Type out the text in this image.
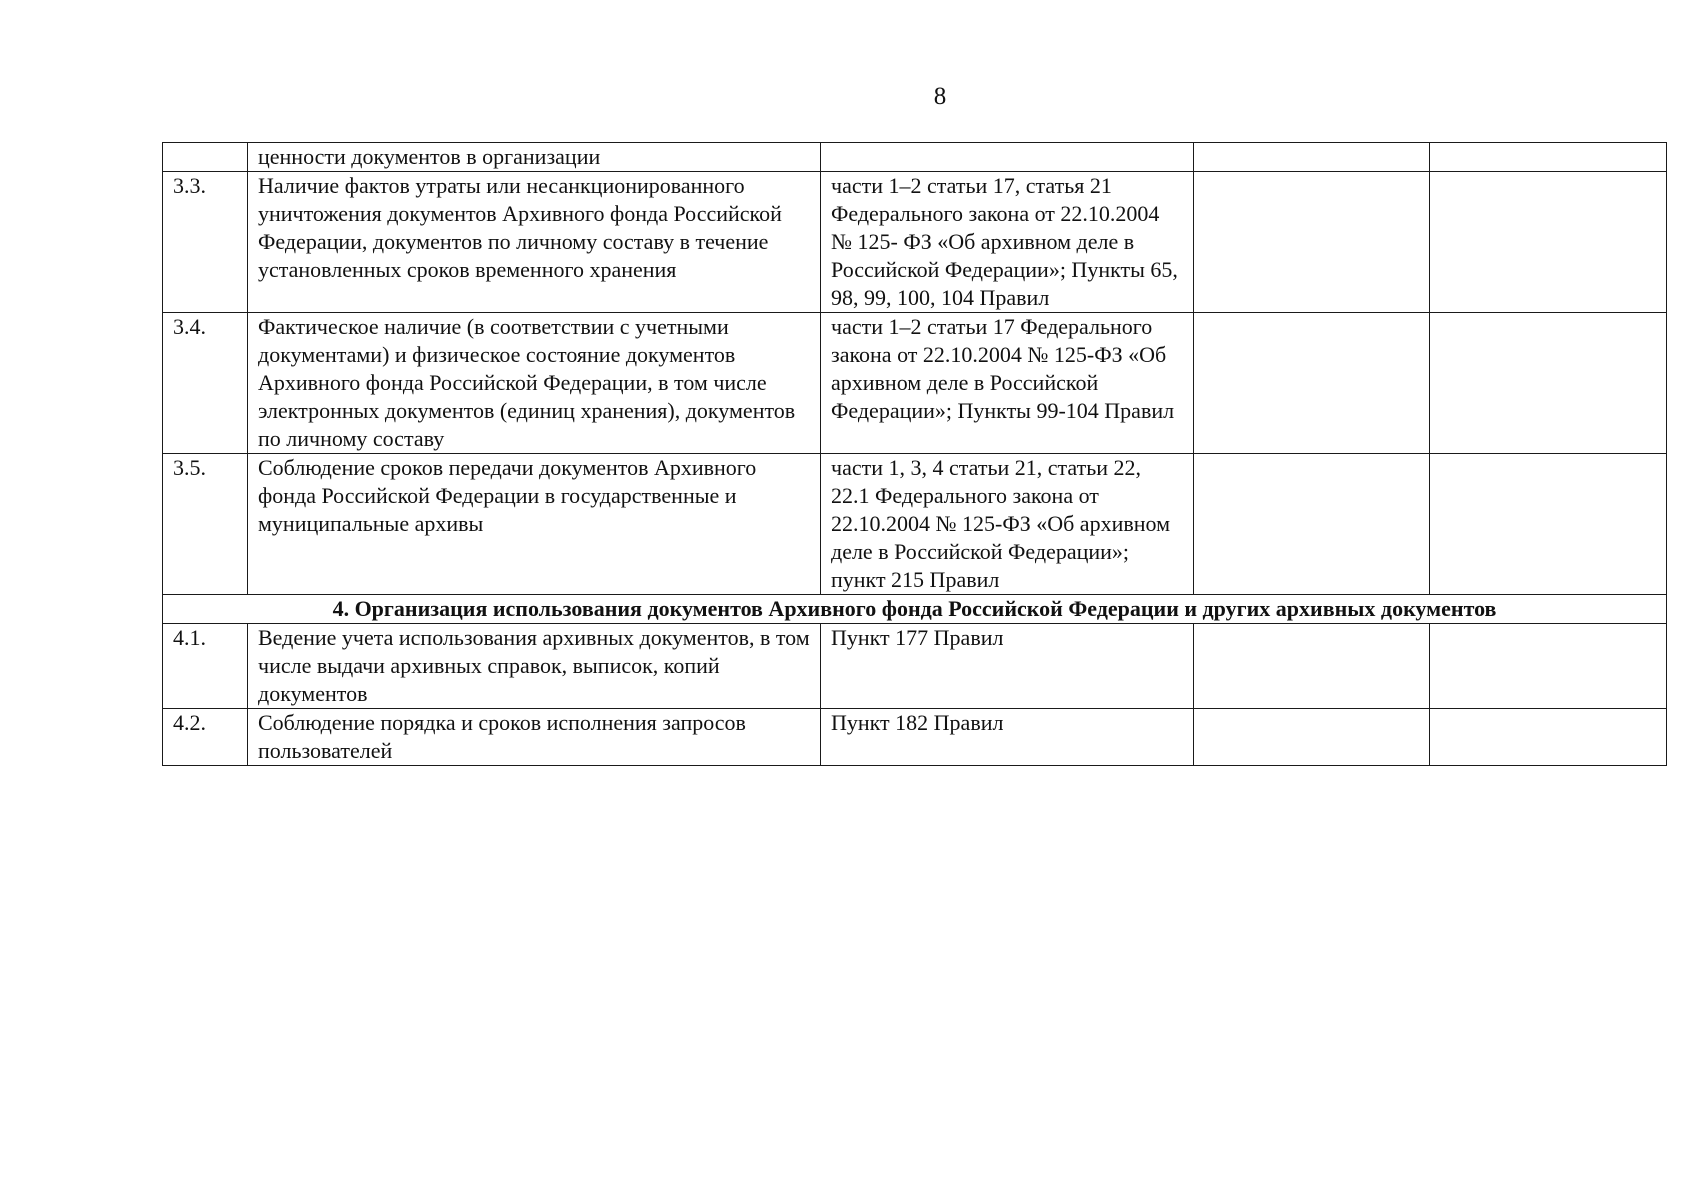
8
	ценности документов в организации			
3.3.	Наличие фактов утраты или несанкционированного уничтожения документов Архивного фонда Российской Федерации, документов по личному составу в течение установленных сроков временного хранения	части 1–2 статьи 17, статья 21 Федерального закона от 22.10.2004 № 125- ФЗ «Об архивном деле в Российской Федерации»; Пункты 65, 98, 99, 100, 104 Правил		
3.4.	Фактическое наличие (в соответствии с учетными документами) и физическое состояние документов Архивного фонда Российской Федерации, в том числе электронных документов (единиц хранения), документов по личному составу	части 1–2 статьи 17 Федерального закона от 22.10.2004 № 125-ФЗ «Об архивном деле в Российской Федерации»; Пункты 99-104 Правил		
3.5.	Соблюдение сроков передачи документов Архивного фонда Российской Федерации в государственные и муниципальные архивы	части 1, 3, 4 статьи 21, статьи 22, 22.1 Федерального закона от 22.10.2004 № 125-ФЗ «Об архивном деле в Российской Федерации»; пункт 215 Правил		
4. Организация использования документов Архивного фонда Российской Федерации и других архивных документов				
4.1.	Ведение учета использования архивных документов, в том числе выдачи архивных справок, выписок, копий документов	Пункт 177 Правил		
4.2.	Соблюдение порядка и сроков исполнения запросов пользователей	Пункт 182 Правил		
